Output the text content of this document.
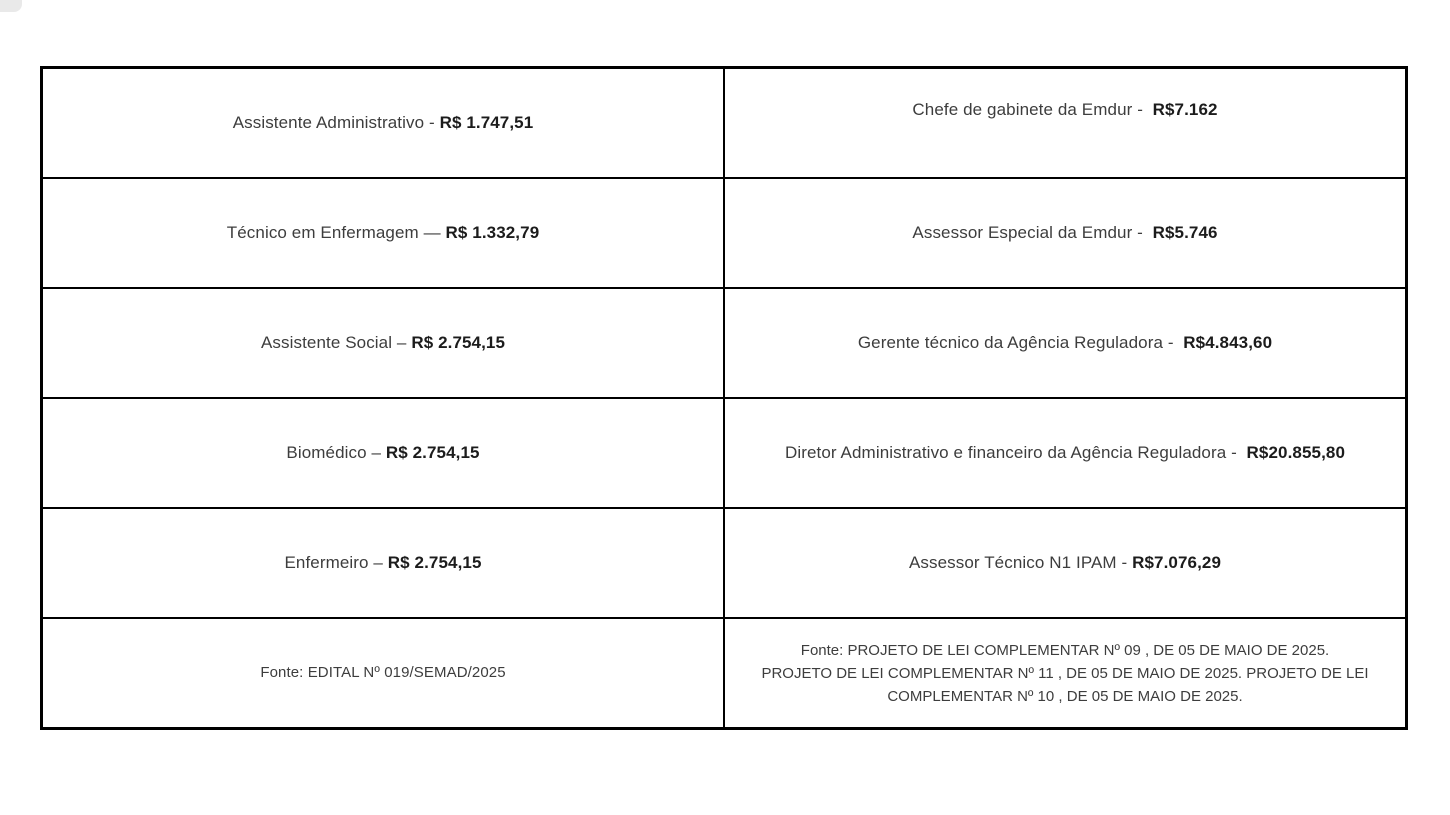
Assistente Administrativo - R$ 1.747,51	Chefe de gabinete da Emdur -  R$7.162
Técnico em Enfermagem — R$ 1.332,79	Assessor Especial da Emdur -  R$5.746
Assistente Social – R$ 2.754,15	Gerente técnico da Agência Reguladora -  R$4.843,60
Biomédico – R$ 2.754,15	Diretor Administrativo e financeiro da Agência Reguladora -  R$20.855,80
Enfermeiro – R$ 2.754,15	Assessor Técnico N1 IPAM - R$7.076,29
Fonte: EDITAL Nº 019/SEMAD/2025	Fonte: PROJETO DE LEI COMPLEMENTAR Nº 09 , DE 05 DE MAIO DE 2025.
PROJETO DE LEI COMPLEMENTAR Nº 11 , DE 05 DE MAIO DE 2025. PROJETO DE LEI
COMPLEMENTAR Nº 10 , DE 05 DE MAIO DE 2025.
